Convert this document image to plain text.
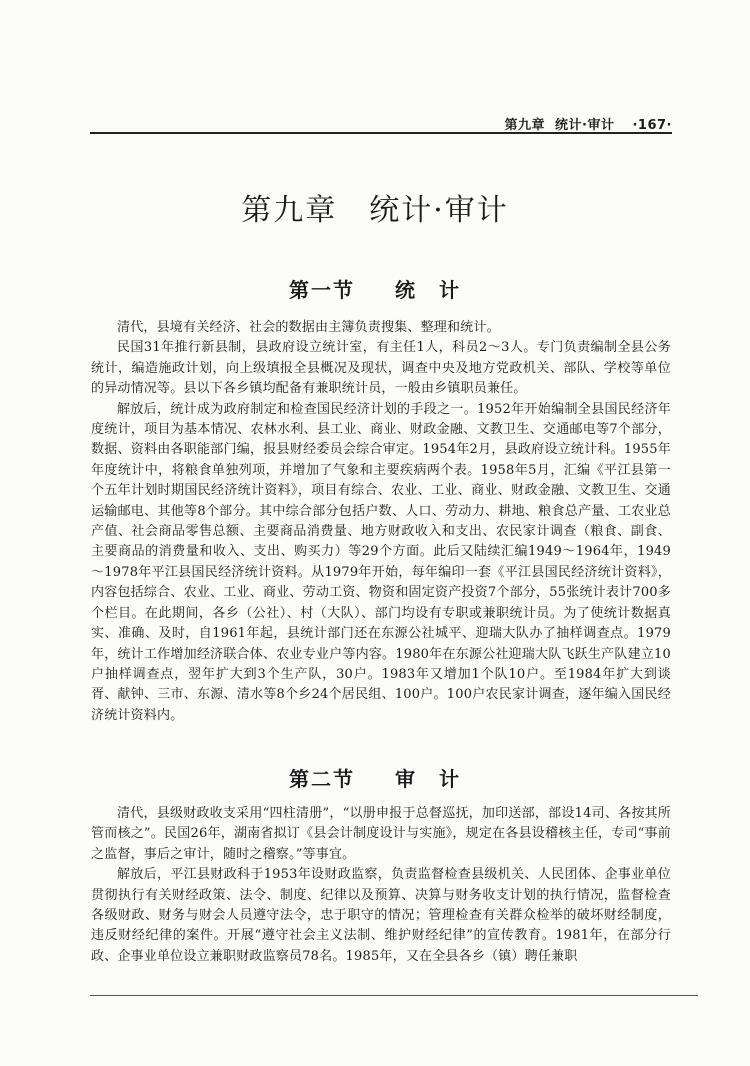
第九章 统计·审计 ·167·
第九章　统计·审计
第一节 统　计

清代，县境有关经济、社会的数据由主簿负责搜集、整理和统计。

民国31年推行新县制，县政府设立统计室，有主任1人，科员2～3人。专门负责编制全县公务统计，编造施政计划，向上级填报全县概况及现状，调查中央及地方党政机关、部队、学校等单位的异动情况等。县以下各乡镇均配备有兼职统计员，一般由乡镇职员兼任。

解放后，统计成为政府制定和检查国民经济计划的手段之一。1952年开始编制全县国民经济年度统计，项目为基本情况、农林水利、县工业、商业、财政金融、文教卫生、交通邮电等7个部分，数据、资料由各职能部门编，报县财经委员会综合审定。1954年2月，县政府设立统计科。1955年年度统计中，将粮食单独列项，并增加了气象和主要疾病两个表。1958年5月，汇编《平江县第一个五年计划时期国民经济统计资料》，项目有综合、农业、工业、商业、财政金融、文教卫生、交通运输邮电、其他等8个部分。其中综合部分包括户数、人口、劳动力、耕地、粮食总产量、工农业总产值、社会商品零售总额、主要商品消费量、地方财政收入和支出、农民家计调查（粮食、副食、主要商品的消费量和收入、支出、购买力）等29个方面。此后又陆续汇编1949～1964年，1949～1978年平江县国民经济统计资料。从1979年开始，每年编印一套《平江县国民经济统计资料》，内容包括综合、农业、工业、商业、劳动工资、物资和固定资产投资7个部分，55张统计表计700多个栏目。在此期间，各乡（公社）、村（大队）、部门均设有专职或兼职统计员。为了使统计数据真实、准确、及时，自1961年起，县统计部门还在东源公社城平、迎瑞大队办了抽样调查点。1979年，统计工作增加经济联合体、农业专业户等内容。1980年在东源公社迎瑞大队飞跃生产队建立10户抽样调查点，翌年扩大到3个生产队，30户。1983年又增加1个队10户。至1984年扩大到谈胥、献钟、三市、东源、清水等8个乡24个居民组、100户。100户农民家计调查，逐年编入国民经济统计资料内。

第二节 审　计

清代，县级财政收支采用“四柱清册”，“以册申报于总督巡抚，加印送部，部设14司、各按其所管而核之”。民国26年，湖南省拟订《县会计制度设计与实施》，规定在各县设稽核主任，专司“事前之监督，事后之审计，随时之稽察。”等事宜。

解放后，平江县财政科于1953年设财政监察，负责监督检查县级机关、人民团体、企事业单位贯彻执行有关财经政策、法令、制度、纪律以及预算、决算与财务收支计划的执行情况，监督检查各级财政、财务与财会人员遵守法令，忠于职守的情况；管理检查有关群众检举的破坏财经制度，违反财经纪律的案件。开展“遵守社会主义法制、维护财经纪律”的宣传教育。1981年，在部分行政、企事业单位设立兼职财政监察员78名。1985年，又在全县各乡（镇）聘任兼职
